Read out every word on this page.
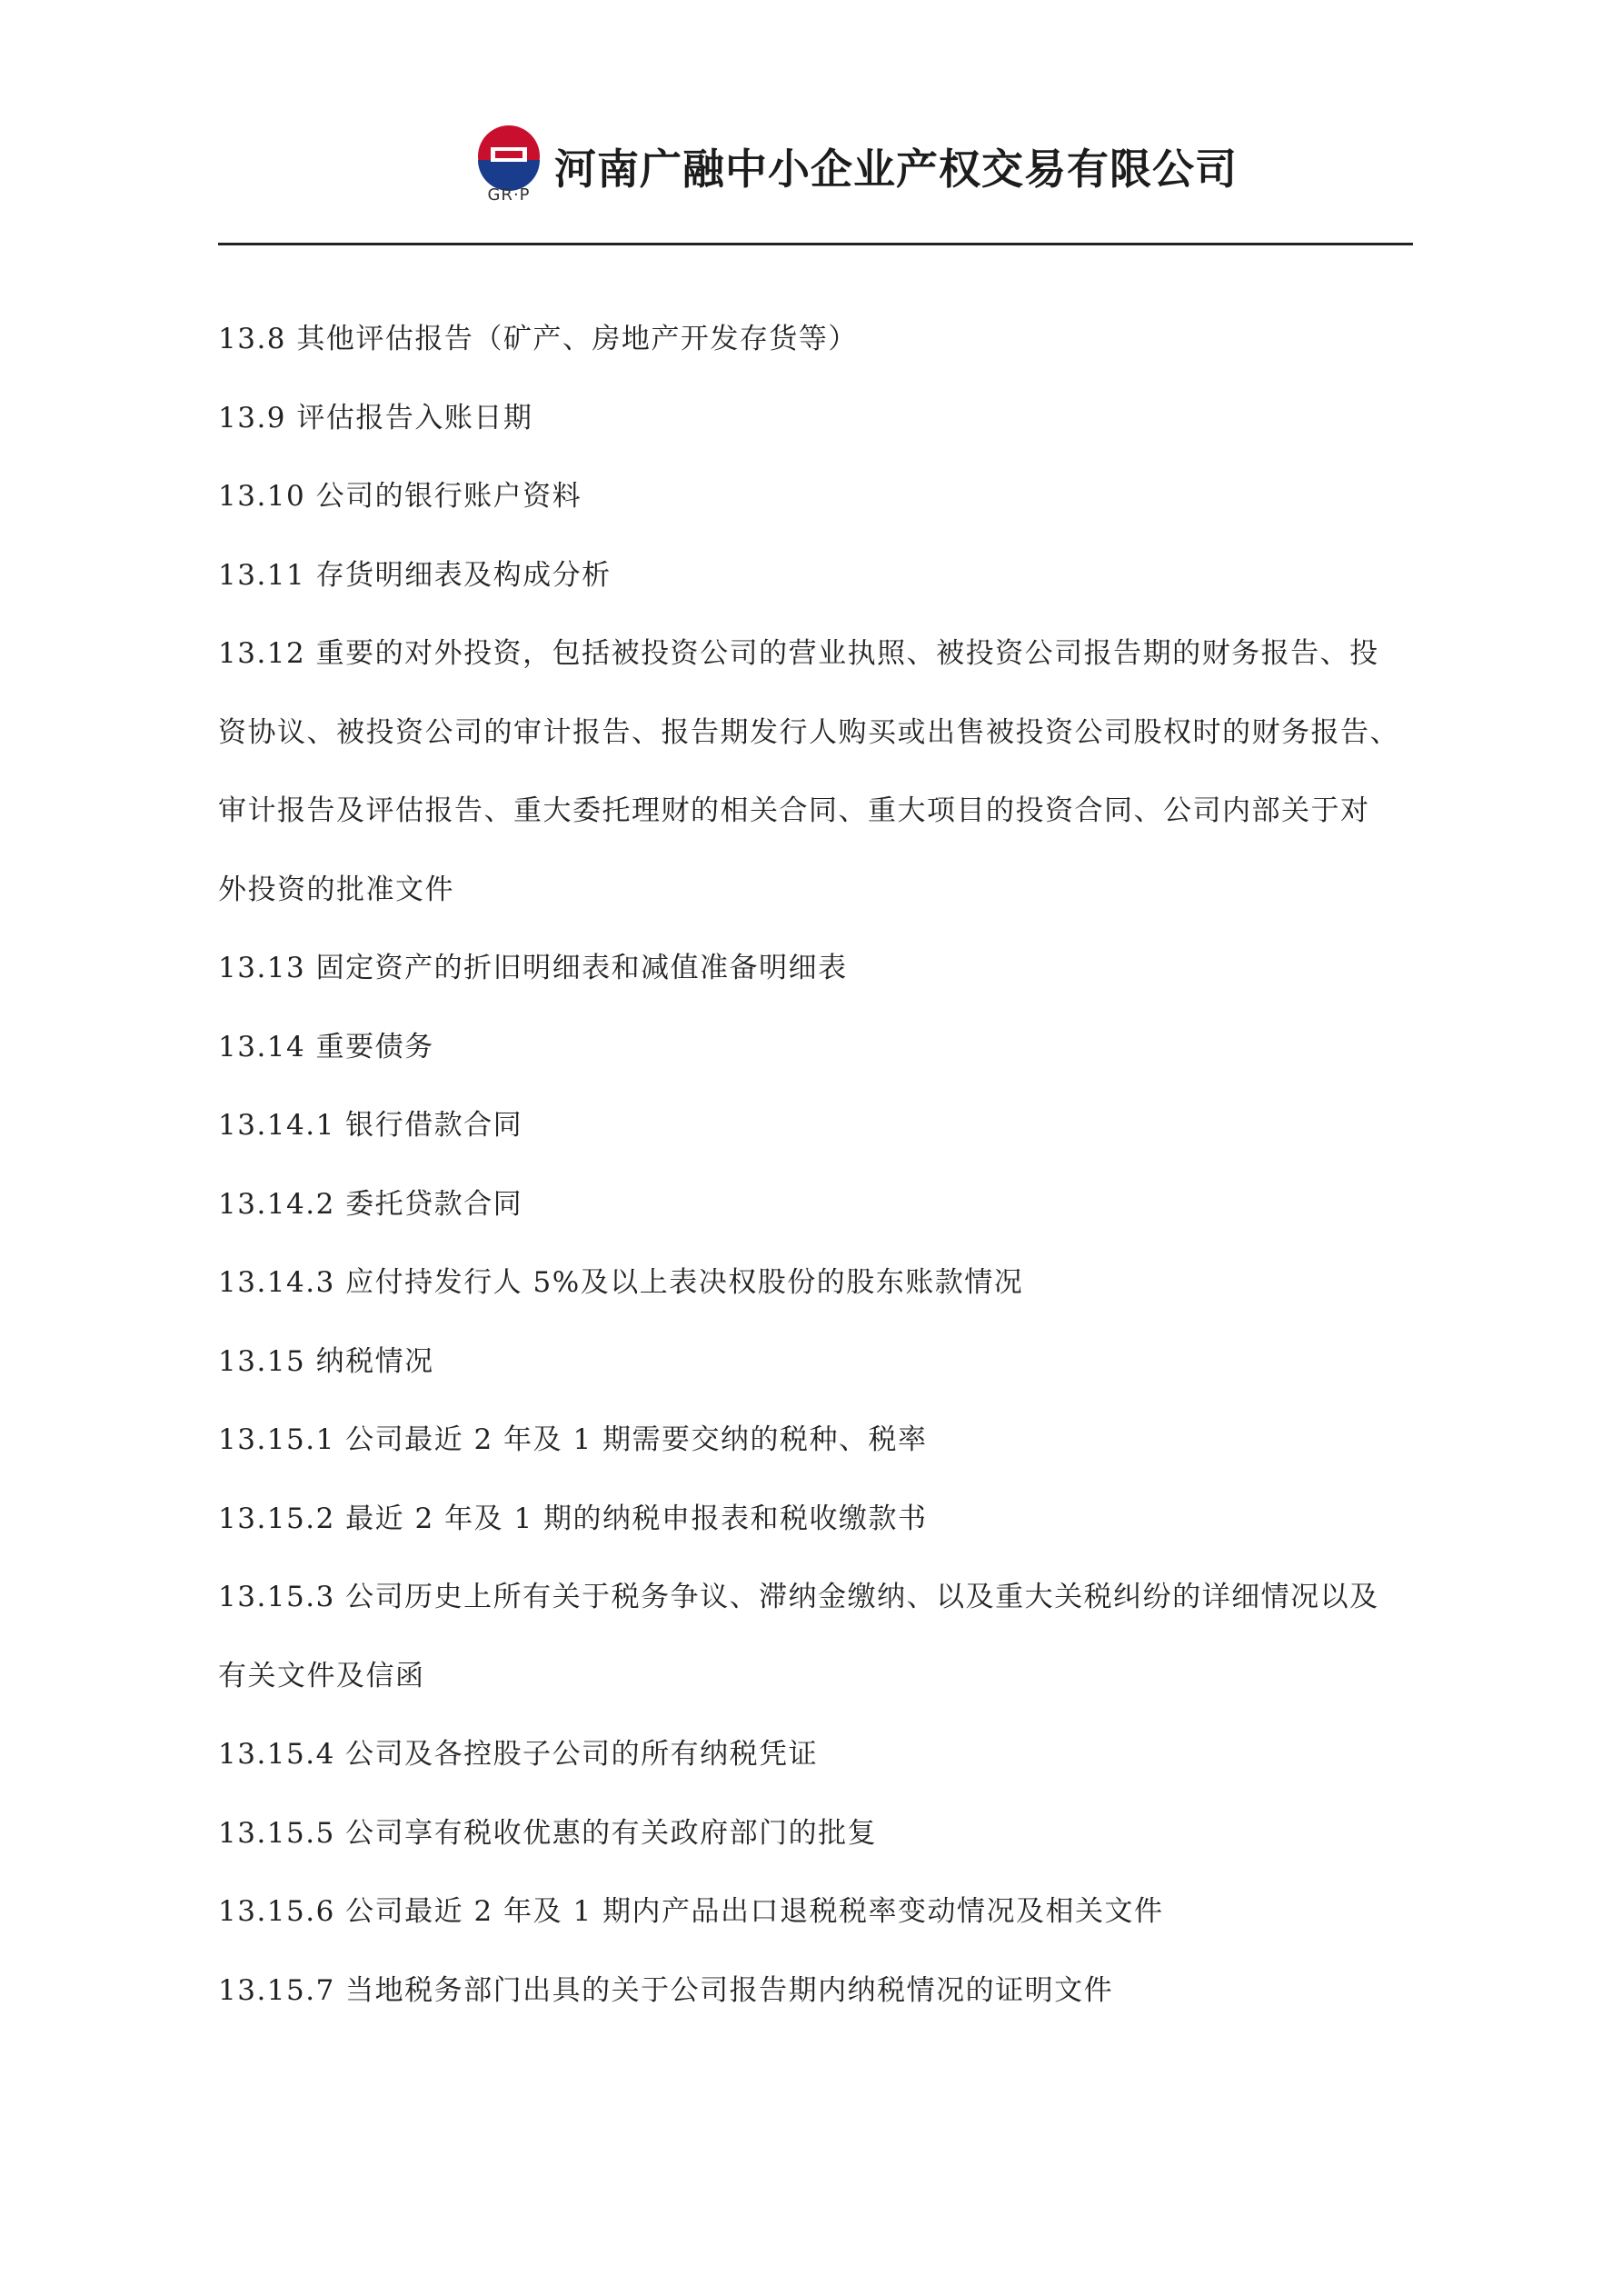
GR·P
河南广融中小企业产权交易有限公司
13.8 其他评估报告（矿产、房地产开发存货等）
13.9 评估报告入账日期
13.10 公司的银行账户资料
13.11 存货明细表及构成分析
13.12 重要的对外投资，包括被投资公司的营业执照、被投资公司报告期的财务报告、投
资协议、被投资公司的审计报告、报告期发行人购买或出售被投资公司股权时的财务报告、
审计报告及评估报告、重大委托理财的相关合同、重大项目的投资合同、公司内部关于对
外投资的批准文件
13.13 固定资产的折旧明细表和减值准备明细表
13.14 重要债务
13.14.1 银行借款合同
13.14.2 委托贷款合同
13.14.3 应付持发行人 5%及以上表决权股份的股东账款情况
13.15 纳税情况
13.15.1 公司最近 2 年及 1 期需要交纳的税种、税率
13.15.2 最近 2 年及 1 期的纳税申报表和税收缴款书
13.15.3 公司历史上所有关于税务争议、滞纳金缴纳、以及重大关税纠纷的详细情况以及
有关文件及信函
13.15.4 公司及各控股子公司的所有纳税凭证
13.15.5 公司享有税收优惠的有关政府部门的批复
13.15.6 公司最近 2 年及 1 期内产品出口退税税率变动情况及相关文件
13.15.7 当地税务部门出具的关于公司报告期内纳税情况的证明文件
